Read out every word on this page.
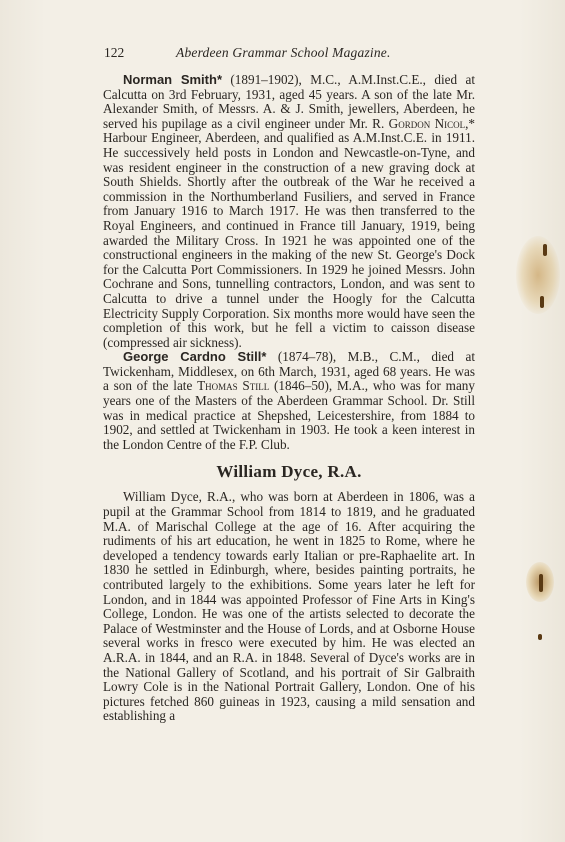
122	Aberdeen Grammar School Magazine.

Norman Smith* (1891–1902), M.C., A.M.Inst.C.E., died at Calcutta on 3rd February, 1931, aged 45 years. A son of the late Mr. Alexander Smith, of Messrs. A. & J. Smith, jewellers, Aberdeen, he served his pupilage as a civil engineer under Mr. R. Gordon Nicol,* Harbour Engineer, Aberdeen, and qualified as A.M.Inst.C.E. in 1911. He successively held posts in London and Newcastle-on-Tyne, and was resident engineer in the construction of a new graving dock at South Shields. Shortly after the outbreak of the War he received a commission in the Northumberland Fusiliers, and served in France from January 1916 to March 1917. He was then transferred to the Royal Engineers, and continued in France till January, 1919, being awarded the Military Cross. In 1921 he was appointed one of the constructional engineers in the making of the new St. George's Dock for the Calcutta Port Commissioners. In 1929 he joined Messrs. John Cochrane and Sons, tunnelling contractors, London, and was sent to Calcutta to drive a tunnel under the Hoogly for the Calcutta Electricity Supply Corporation. Six months more would have seen the completion of this work, but he fell a victim to caisson disease (compressed air sickness).

George Cardno Still* (1874–78), M.B., C.M., died at Twickenham, Middlesex, on 6th March, 1931, aged 68 years. He was a son of the late Thomas Still (1846–50), M.A., who was for many years one of the Masters of the Aberdeen Grammar School. Dr. Still was in medical practice at Shepshed, Leicestershire, from 1884 to 1902, and settled at Twickenham in 1903. He took a keen interest in the London Centre of the F.P. Club.

William Dyce, R.A.

William Dyce, R.A., who was born at Aberdeen in 1806, was a pupil at the Grammar School from 1814 to 1819, and he graduated M.A. of Marischal College at the age of 16. After acquiring the rudiments of his art education, he went in 1825 to Rome, where he developed a tendency towards early Italian or pre-Raphaelite art. In 1830 he settled in Edinburgh, where, besides painting portraits, he contributed largely to the exhibitions. Some years later he left for London, and in 1844 was appointed Professor of Fine Arts in King's College, London. He was one of the artists selected to decorate the Palace of Westminster and the House of Lords, and at Osborne House several works in fresco were executed by him. He was elected an A.R.A. in 1844, and an R.A. in 1848. Several of Dyce's works are in the National Gallery of Scotland, and his portrait of Sir Galbraith Lowry Cole is in the National Portrait Gallery, London. One of his pictures fetched 860 guineas in 1923, causing a mild sensation and establishing a
